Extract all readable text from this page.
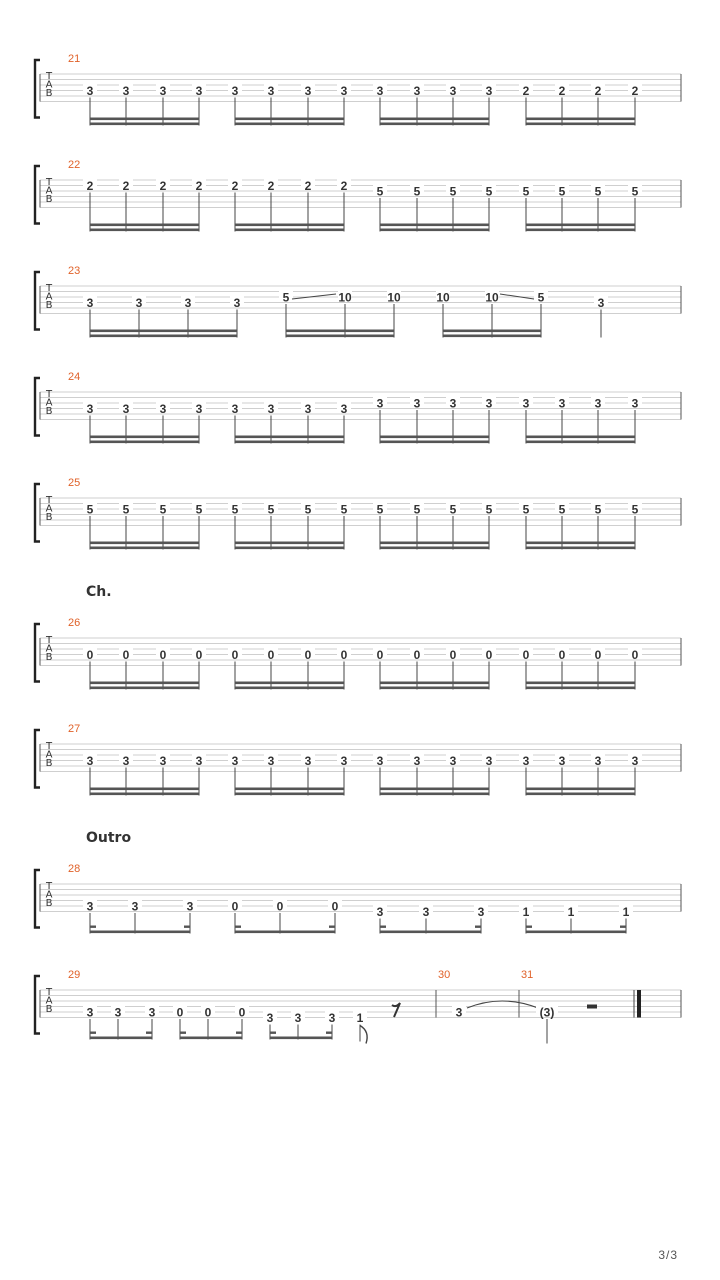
Ch.
Outro
T
A
B
21
3 3	3 3 3 3	3 3 3	3 3 3	2 2 2	2
T
A
B
22
2 2	2 2 2 2	2 2 5	5 5 5	5 5 5	5
T
A
B
23
3	3	3	3	5	10	10	10	10	5	3
T
A
B
24
3 3	3 3 3 3	3 3 3	3 3 3	3 3 3	3
T
A
B
25
5 5	5 5 5 5	5 5 5	5 5 5	5 5 5	5
T
A
B
26
0 0	0 0 0 0	0 0 0	0 0 0	0 0 0	0
T
A
B
27
3 3	3 3 3 3	3 3 3	3 3 3	3 3 3	3
T
A
B
28
3	3	3	0	0	0	3	3	3	1	1	1
T
A
B
29	30	31
3 3 3 0 0 0 3 3 3 1	3	(3)
3/3
